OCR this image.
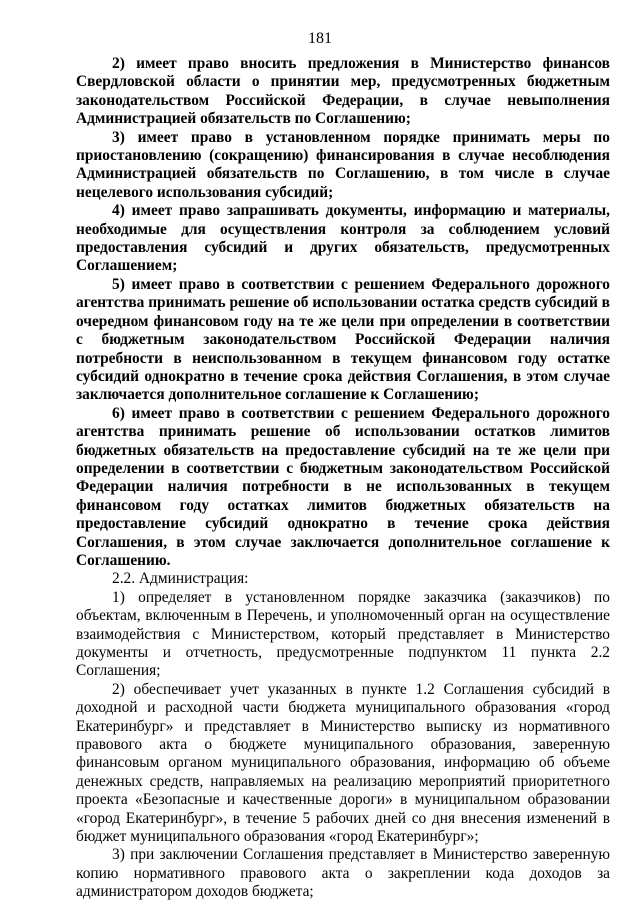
181

2) имеет право вносить предложения в Министерство финансов Свердловской области о принятии мер, предусмотренных бюджетным законодательством Российской Федерации, в случае невыполнения Администрацией обязательств по Соглашению;

3) имеет право в установленном порядке принимать меры по приостановлению (сокращению) финансирования в случае несоблюдения Администрацией обязательств по Соглашению, в том числе в случае нецелевого использования субсидий;

4) имеет право запрашивать документы, информацию и материалы, необходимые для осуществления контроля за соблюдением условий предоставления субсидий и других обязательств, предусмотренных Соглашением;

5) имеет право в соответствии с решением Федерального дорожного агентства принимать решение об использовании остатка средств субсидий в очередном финансовом году на те же цели при определении в соответствии с бюджетным законодательством Российской Федерации наличия потребности в неиспользованном в текущем финансовом году остатке субсидий однократно в течение срока действия Соглашения, в этом случае заключается дополнительное соглашение к Соглашению;

6) имеет право в соответствии с решением Федерального дорожного агентства принимать решение об использовании остатков лимитов бюджетных обязательств на предоставление субсидий на те же цели при определении в соответствии с бюджетным законодательством Российской Федерации наличия потребности в не использованных в текущем финансовом году остатках лимитов бюджетных обязательств на предоставление субсидий однократно в течение срока действия Соглашения, в этом случае заключается дополнительное соглашение к Соглашению.

2.2. Администрация:

1) определяет в установленном порядке заказчика (заказчиков) по объектам, включенным в Перечень, и уполномоченный орган на осуществление взаимодействия с Министерством, который представляет в Министерство документы и отчетность, предусмотренные подпунктом 11 пункта 2.2 Соглашения;

2) обеспечивает учет указанных в пункте 1.2 Соглашения субсидий в доходной и расходной части бюджета муниципального образования «город Екатеринбург» и представляет в Министерство выписку из нормативного правового акта о бюджете муниципального образования, заверенную финансовым органом муниципального образования, информацию об объеме денежных средств, направляемых на реализацию мероприятий приоритетного проекта «Безопасные и качественные дороги» в муниципальном образовании «город Екатеринбург», в течение 5 рабочих дней со дня внесения изменений в бюджет муниципального образования «город Екатеринбург»;

3) при заключении Соглашения представляет в Министерство заверенную копию нормативного правового акта о закреплении кода доходов за администратором доходов бюджета;
